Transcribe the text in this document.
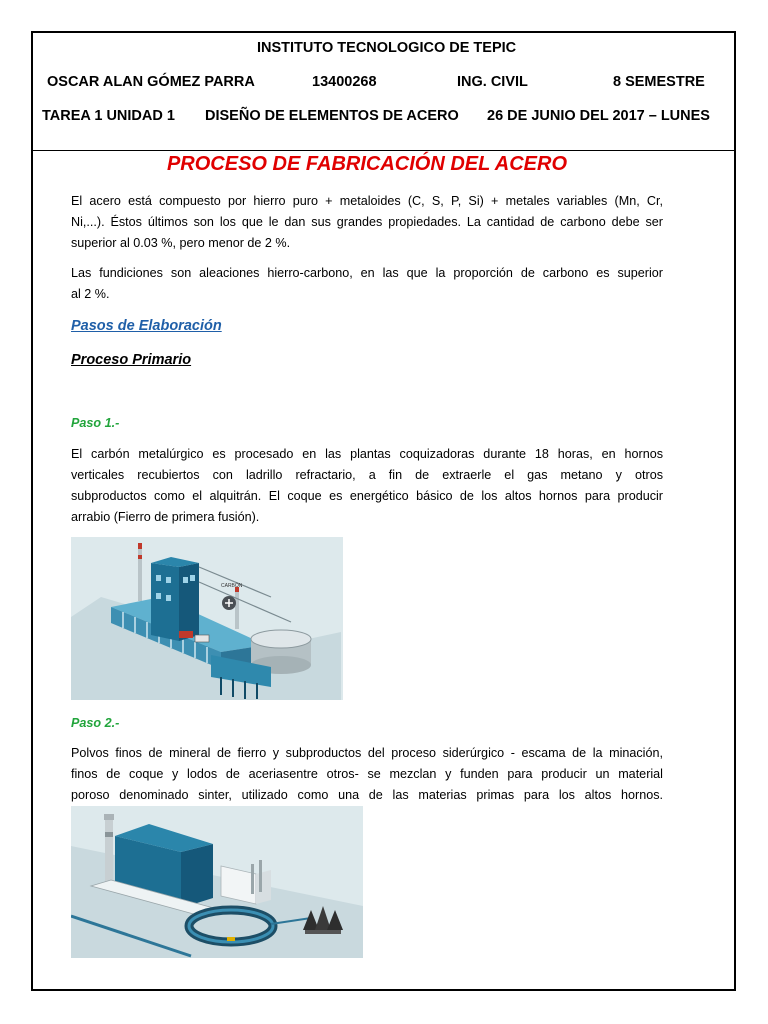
INSTITUTO TECNOLOGICO DE TEPIC
OSCAR ALAN GÓMEZ PARRA	13400268	ING. CIVIL	8 SEMESTRE
TAREA 1 UNIDAD 1 DISEÑO DE ELEMENTOS DE ACERO 26 DE JUNIO DEL 2017 – LUNES
PROCESO DE FABRICACIÓN DEL ACERO
El acero está compuesto por hierro puro + metaloides (C, S, P, Si) + metales variables (Mn, Cr,
Ni,...). Éstos últimos son los que le dan sus grandes propiedades. La cantidad de carbono debe ser
superior al 0.03 %, pero menor de 2 %.
Las fundiciones son aleaciones hierro-carbono, en las que la proporción de carbono es superior
al 2 %.
Pasos de Elaboración
Proceso Primario
Paso 1.-
El carbón metalúrgico es procesado en las plantas coquizadoras durante 18 horas, en hornos
verticales recubiertos con ladrillo refractario, a fin de extraerle el gas metano y otros
subproductos como el alquitrán. El coque es energético básico de los altos hornos para producir
arrabio (Fierro de primera fusión).
CARBÓN
Paso 2.-
Polvos finos de mineral de fierro y subproductos del proceso siderúrgico - escama de la minación,
finos de coque y lodos de aceriasentre otros- se mezclan y funden para producir un material
poroso denominado sinter, utilizado como una de las materias primas para los altos hornos.
